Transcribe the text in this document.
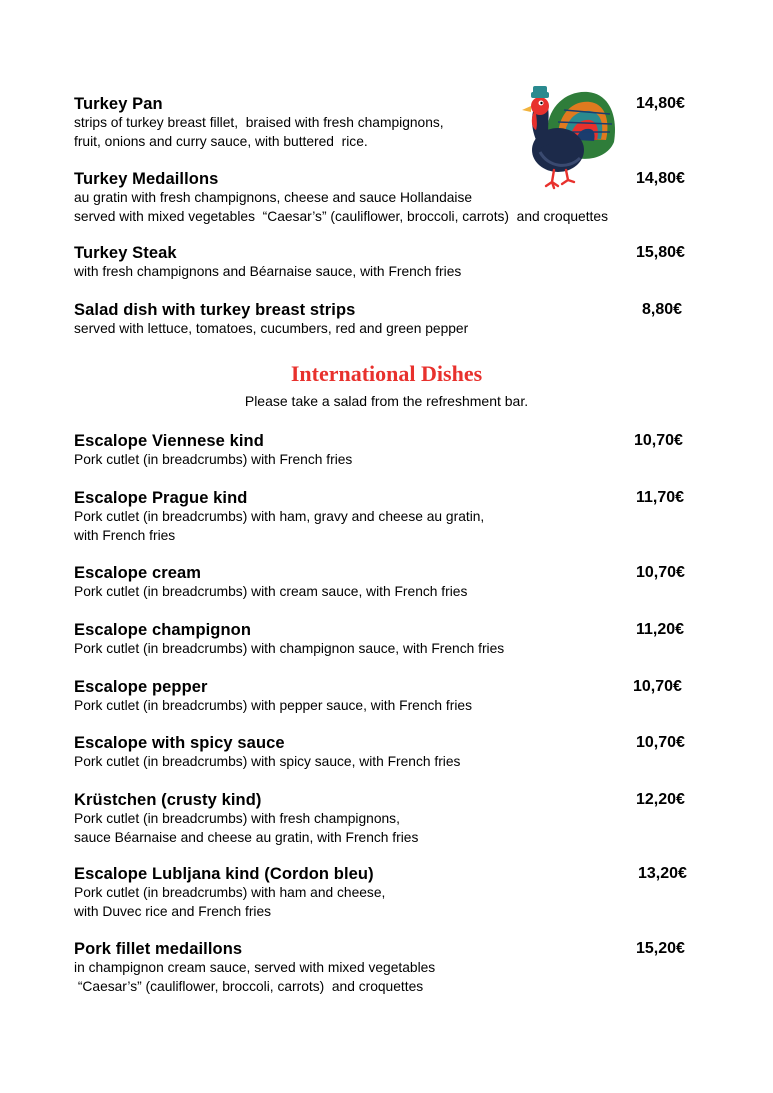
Turkey Pan	14,80€
strips of turkey breast fillet,  braised with fresh champignons,
fruit, onions and curry sauce, with buttered  rice.
Turkey Medaillons	14,80€
au gratin with fresh champignons, cheese and sauce Hollandaise
served with mixed vegetables  “Caesar’s” (cauliflower, broccoli, carrots)  and croquettes
Turkey Steak	15,80€
with fresh champignons and Béarnaise sauce, with French fries
Salad dish with turkey breast strips	8,80€
served with lettuce, tomatoes, cucumbers, red and green pepper
International Dishes
Please take a salad from the refreshment bar.
Escalope Viennese kind	10,70€
Pork cutlet (in breadcrumbs) with French fries
Escalope Prague kind	11,70€
Pork cutlet (in breadcrumbs) with ham, gravy and cheese au gratin,
with French fries
Escalope cream	10,70€
Pork cutlet (in breadcrumbs) with cream sauce, with French fries
Escalope champignon	11,20€
Pork cutlet (in breadcrumbs) with champignon sauce, with French fries
Escalope pepper	10,70€
Pork cutlet (in breadcrumbs) with pepper sauce, with French fries
Escalope with spicy sauce	10,70€
Pork cutlet (in breadcrumbs) with spicy sauce, with French fries
Krüstchen (crusty kind)	12,20€
Pork cutlet (in breadcrumbs) with fresh champignons,
sauce Béarnaise and cheese au gratin, with French fries
Escalope Lubljana kind (Cordon bleu)	13,20€
Pork cutlet (in breadcrumbs) with ham and cheese,
with Duvec rice and French fries
Pork fillet medaillons	15,20€
in champignon cream sauce, served with mixed vegetables
“Caesar’s” (cauliflower, broccoli, carrots)  and croquettes
